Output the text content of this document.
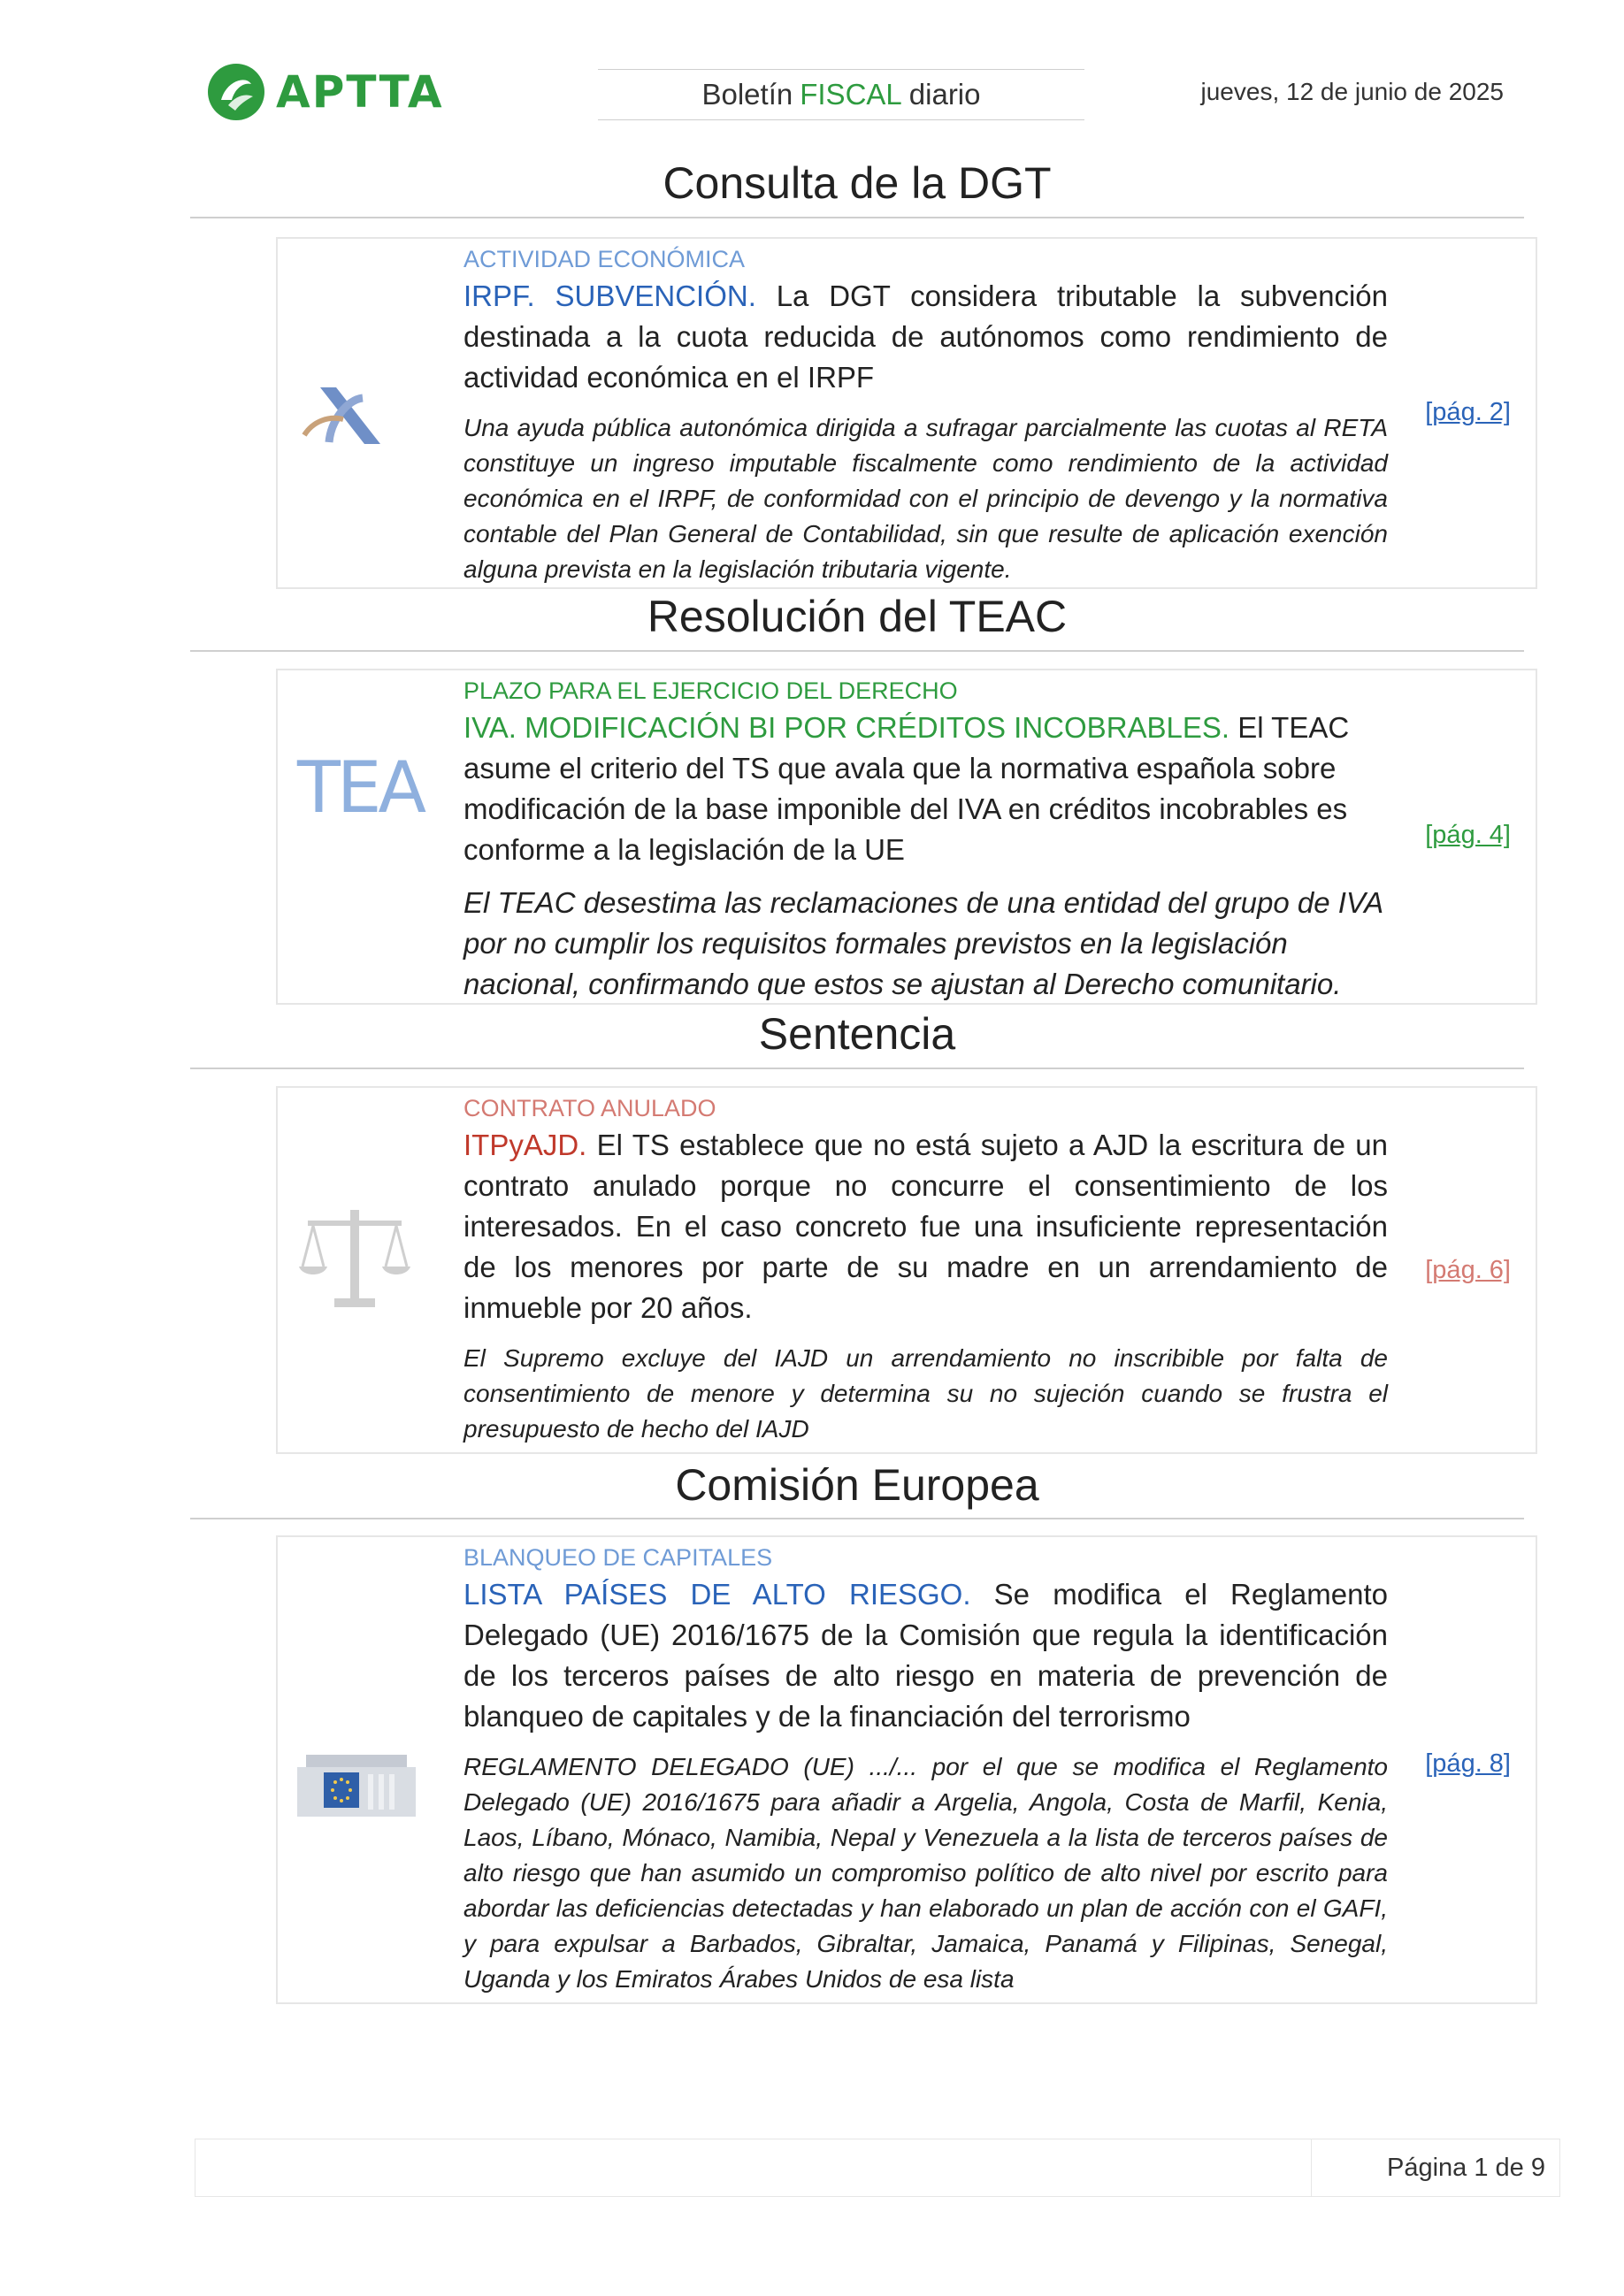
APTTA	Boletín FISCAL diario	jueves, 12 de junio de 2025
Consulta de la DGT
ACTIVIDAD ECONÓMICA
IRPF. SUBVENCIÓN. La DGT considera tributable la subvención destinada a la cuota reducida de autónomos como rendimiento de actividad económica en el IRPF
Una ayuda pública autonómica dirigida a sufragar parcialmente las cuotas al RETA constituye un ingreso imputable fiscalmente como rendimiento de la actividad económica en el IRPF, de conformidad con el principio de devengo y la normativa contable del Plan General de Contabilidad, sin que resulte de aplicación exención alguna prevista en la legislación tributaria vigente.
[pág. 2]
Resolución del TEAC
TEA
PLAZO PARA EL EJERCICIO DEL DERECHO
IVA. MODIFICACIÓN BI POR CRÉDITOS INCOBRABLES. El TEAC asume el criterio del TS que avala que la normativa española sobre modificación de la base imponible del IVA en créditos incobrables es conforme a la legislación de la UE
El TEAC desestima las reclamaciones de una entidad del grupo de IVA por no cumplir los requisitos formales previstos en la legislación nacional, confirmando que estos se ajustan al Derecho comunitario.
[pág. 4]
Sentencia
CONTRATO ANULADO
ITPyAJD. El TS establece que no está sujeto a AJD la escritura de un contrato anulado porque no concurre el consentimiento de los interesados. En el caso concreto fue una insuficiente representación de los menores por parte de su madre en un arrendamiento de inmueble por 20 años.
El Supremo excluye del IAJD un arrendamiento no inscribible por falta de consentimiento de menore y determina su no sujeción cuando se frustra el presupuesto de hecho del IAJD
[pág. 6]
Comisión Europea
BLANQUEO DE CAPITALES
LISTA PAÍSES DE ALTO RIESGO. Se modifica el Reglamento Delegado (UE) 2016/1675 de la Comisión que regula la identificación de los terceros países de alto riesgo en materia de prevención de blanqueo de capitales y de la financiación del terrorismo
REGLAMENTO DELEGADO (UE) .../... por el que se modifica el Reglamento Delegado (UE) 2016/1675 para añadir a Argelia, Angola, Costa de Marfil, Kenia, Laos, Líbano, Mónaco, Namibia, Nepal y Venezuela a la lista de terceros países de alto riesgo que han asumido un compromiso político de alto nivel por escrito para abordar las deficiencias detectadas y han elaborado un plan de acción con el GAFI, y para expulsar a Barbados, Gibraltar, Jamaica, Panamá y Filipinas, Senegal, Uganda y los Emiratos Árabes Unidos de esa lista
[pág. 8]
Página 1 de 9
